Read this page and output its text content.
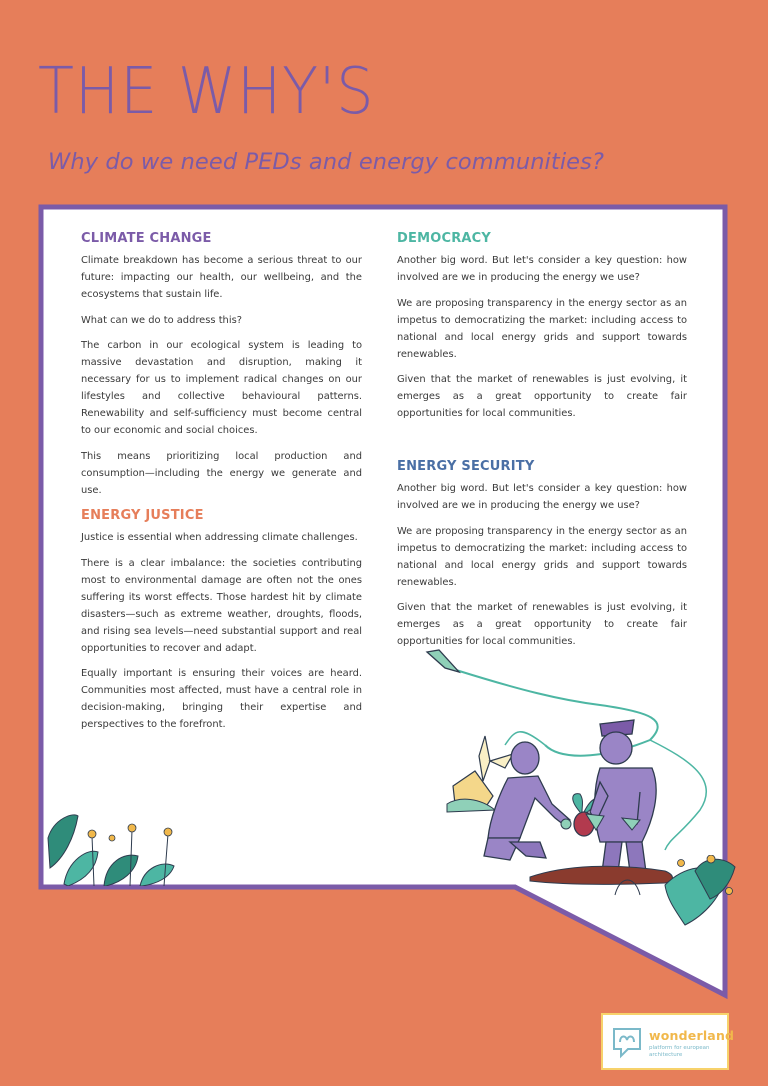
THE WHY'S

Why do we need PEDs and energy communities?

CLIMATE CHANGE

Climate breakdown has become a serious threat to our future: impacting our health, our wellbeing, and the ecosystems that sustain life.

What can we do to address this?

The carbon in our ecological system is leading to massive devastation and disruption, making it necessary for us to implement radical changes on our lifestyles and collective behavioural patterns. Renewability and self-sufficiency must become central to our economic and social choices.

This means prioritizing local production and consumption—including the energy we generate and use.

ENERGY JUSTICE

Justice is essential when addressing climate challenges.

There is a clear imbalance: the societies contributing most to environmental damage are often not the ones suffering its worst effects. Those hardest hit by climate disasters—such as extreme weather, droughts, floods, and rising sea levels—need substantial support and real opportunities to recover and adapt.

Equally important is ensuring their voices are heard. Communities most affected, must have a central role in decision-making, bringing their expertise and perspectives to the forefront.

DEMOCRACY

Another big word. But let's consider a key question: how involved are we in producing the energy we use?

We are proposing transparency in the energy sector as an impetus to democratizing the market: including access to national and local energy grids and support towards renewables.

Given that the market of renewables is just evolving, it emerges as a great opportunity to create fair opportunities for local communities.

ENERGY SECURITY

Another big word. But let's consider a key question: how involved are we in producing the energy we use?

We are proposing transparency in the energy sector as an impetus to democratizing the market: including access to national and local energy grids and support towards renewables.

Given that the market of renewables is just evolving, it emerges as a great opportunity to create fair opportunities for local communities.

wonderland
platform for european architecture
